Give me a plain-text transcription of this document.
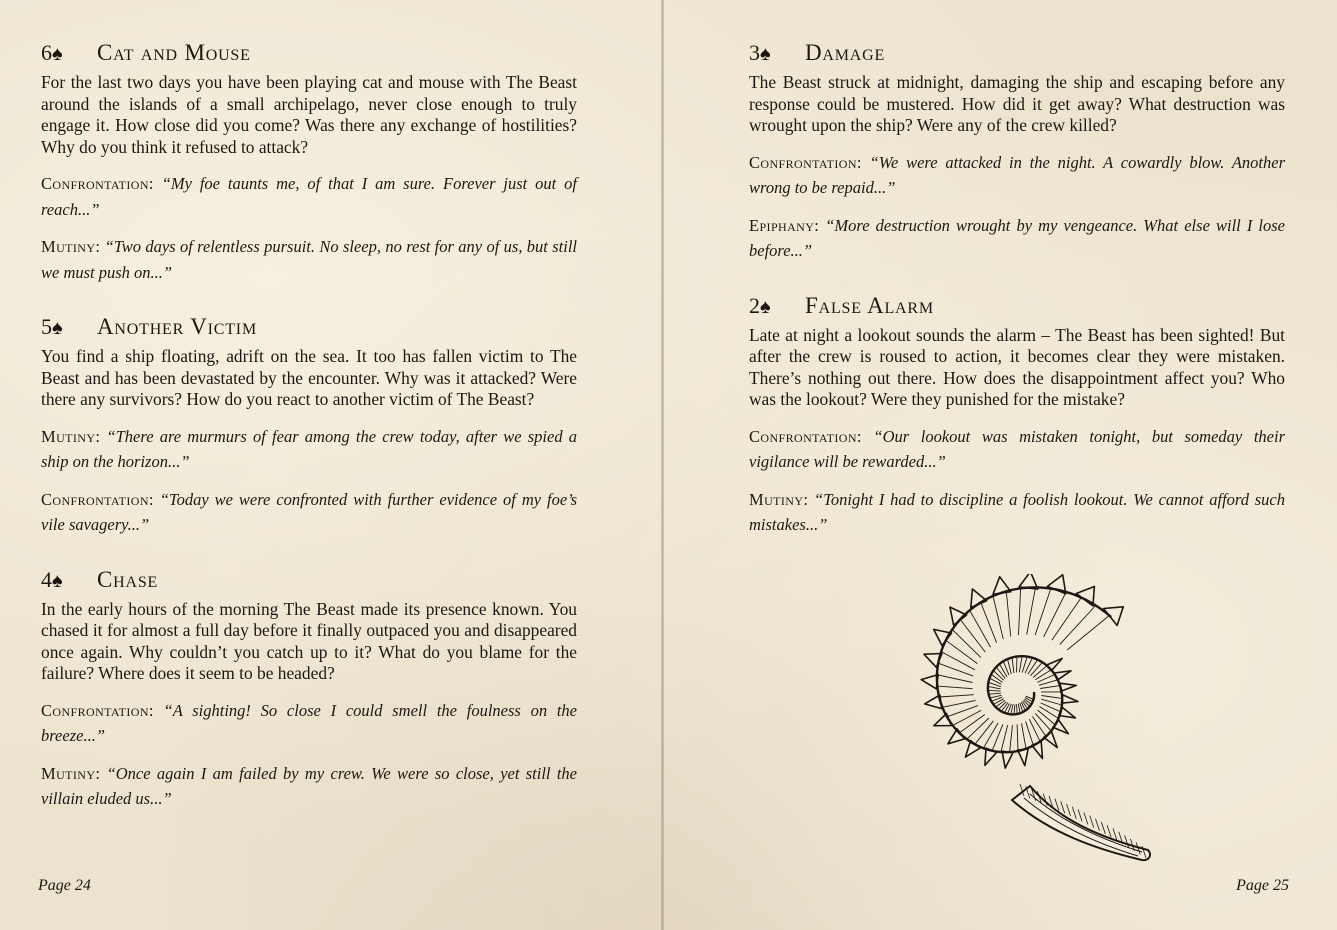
6♠	Cat and Mouse

For the last two days you have been playing cat and mouse with The Beast around the islands of a small archipelago, never close enough to truly engage it. How close did you come? Was there any exchange of hostilities? Why do you think it refused to attack?

Confrontation: “My foe taunts me, of that I am sure. Forever just out of reach...”

Mutiny: “Two days of relentless pursuit. No sleep, no rest for any of us, but still we must push on...”

5♠	Another Victim

You find a ship floating, adrift on the sea. It too has fallen victim to The Beast and has been devastated by the encounter. Why was it attacked? Were there any survivors? How do you react to another victim of The Beast?

Mutiny: “There are murmurs of fear among the crew today, after we spied a ship on the horizon...”

Confrontation: “Today we were confronted with further evidence of my foe’s vile savagery...”

4♠	Chase

In the early hours of the morning The Beast made its presence known. You chased it for almost a full day before it finally outpaced you and disappeared once again. Why couldn’t you catch up to it? What do you blame for the failure? Where does it seem to be headed?

Confrontation: “A sighting! So close I could smell the foulness on the breeze...”

Mutiny: “Once again I am failed by my crew. We were so close, yet still the villain eluded us...”

Page 24
3♠	Damage

The Beast struck at midnight, damaging the ship and escaping before any response could be mustered. How did it get away? What destruction was wrought upon the ship? Were any of the crew killed?

Confrontation: “We were attacked in the night. A cowardly blow. Another wrong to be repaid...”

Epiphany: “More destruction wrought by my vengeance. What else will I lose before...”

2♠	False Alarm

Late at night a lookout sounds the alarm – The Beast has been sighted! But after the crew is roused to action, it becomes clear they were mistaken. There’s nothing out there. How does the disappointment affect you? Who was the lookout? Were they punished for the mistake?

Confrontation: “Our lookout was mistaken tonight, but someday their vigilance will be rewarded...”

Mutiny: “Tonight I had to discipline a foolish lookout. We cannot afford such mistakes...”

Page 25
